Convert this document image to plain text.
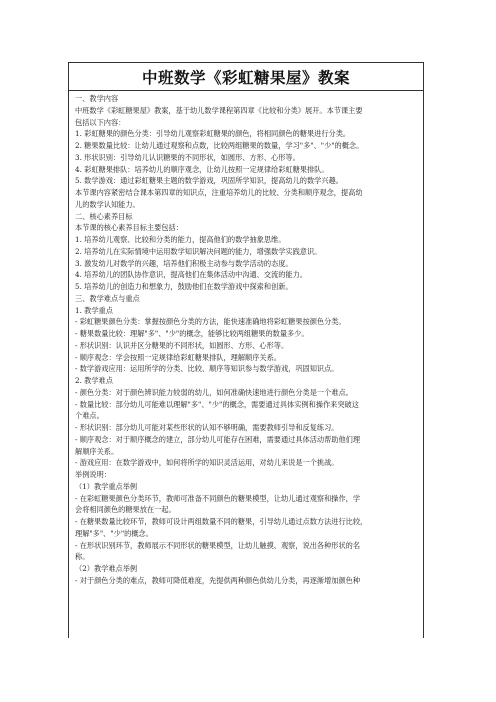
中班数学《彩虹糖果屋》教案
一、教学内容
中班数学《彩虹糖果屋》教案，基于幼儿数学课程第四章《比较和分类》展开。本节课主要
包括以下内容：
1. 彩虹糖果的颜色分类：引导幼儿观察彩虹糖果的颜色，将相同颜色的糖果进行分类。
2. 糖果数量比较：让幼儿通过观察和点数，比较两组糖果的数量，学习"多"、"少"的概念。
3. 形状识别：引导幼儿认识糖果的不同形状，如圆形、方形、心形等。
4. 彩虹糖果排队：培养幼儿的顺序观念，让幼儿按照一定规律给彩虹糖果排队。
5. 数学游戏：通过彩虹糖果主题的数学游戏，巩固所学知识，提高幼儿的数学兴趣。
本节课内容紧密结合课本第四章的知识点，注重培养幼儿的比较、分类和顺序观念，提高幼
儿的数学认知能力。
二、核心素养目标
本节课的核心素养目标主要包括：
1. 培养幼儿观察、比较和分类的能力，提高他们的数学抽象思维。
2. 培养幼儿在实际情境中运用数学知识解决问题的能力，增强数学实践意识。
3. 激发幼儿对数学的兴趣，培养他们积极主动参与数学活动的态度。
4. 培养幼儿的团队协作意识，提高他们在集体活动中沟通、交流的能力。
5. 培养幼儿的创造力和想象力，鼓励他们在数学游戏中探索和创新。
三、教学难点与重点
1. 教学重点
- 彩虹糖果颜色分类：掌握按颜色分类的方法，能快速准确地将彩虹糖果按颜色分类。
- 糖果数量比较：理解"多"、"少"的概念，能够比较两组糖果的数量多少。
- 形状识别：认识并区分糖果的不同形状，如圆形、方形、心形等。
- 顺序观念：学会按照一定规律给彩虹糖果排队，理解顺序关系。
- 数学游戏应用：运用所学的分类、比较、顺序等知识参与数学游戏，巩固知识点。
2. 教学难点
- 颜色分类：对于颜色辨识能力较弱的幼儿，如何准确快速地进行颜色分类是一个难点。
- 数量比较：部分幼儿可能难以理解"多"、"少"的概念，需要通过具体实例和操作来突破这
个难点。
- 形状识别：部分幼儿可能对某些形状的认知不够明确，需要教师引导和反复练习。
- 顺序观念：对于顺序概念的建立，部分幼儿可能存在困难，需要通过具体活动帮助他们理
解顺序关系。
- 游戏应用：在数学游戏中，如何将所学的知识灵活运用，对幼儿来说是一个挑战。
举例说明：
（1）教学重点举例
- 在彩虹糖果颜色分类环节，教师可准备不同颜色的糖果模型，让幼儿通过观察和操作，学
会将相同颜色的糖果放在一起。
- 在糖果数量比较环节，教师可设计两组数量不同的糖果，引导幼儿通过点数方法进行比较，
理解"多"、"少"的概念。
- 在形状识别环节，教师展示不同形状的糖果模型，让幼儿触摸、观察，说出各种形状的名
称。
（2）教学难点举例
- 对于颜色分类的难点，教师可降低难度，先提供两种颜色供幼儿分类，再逐渐增加颜色种
